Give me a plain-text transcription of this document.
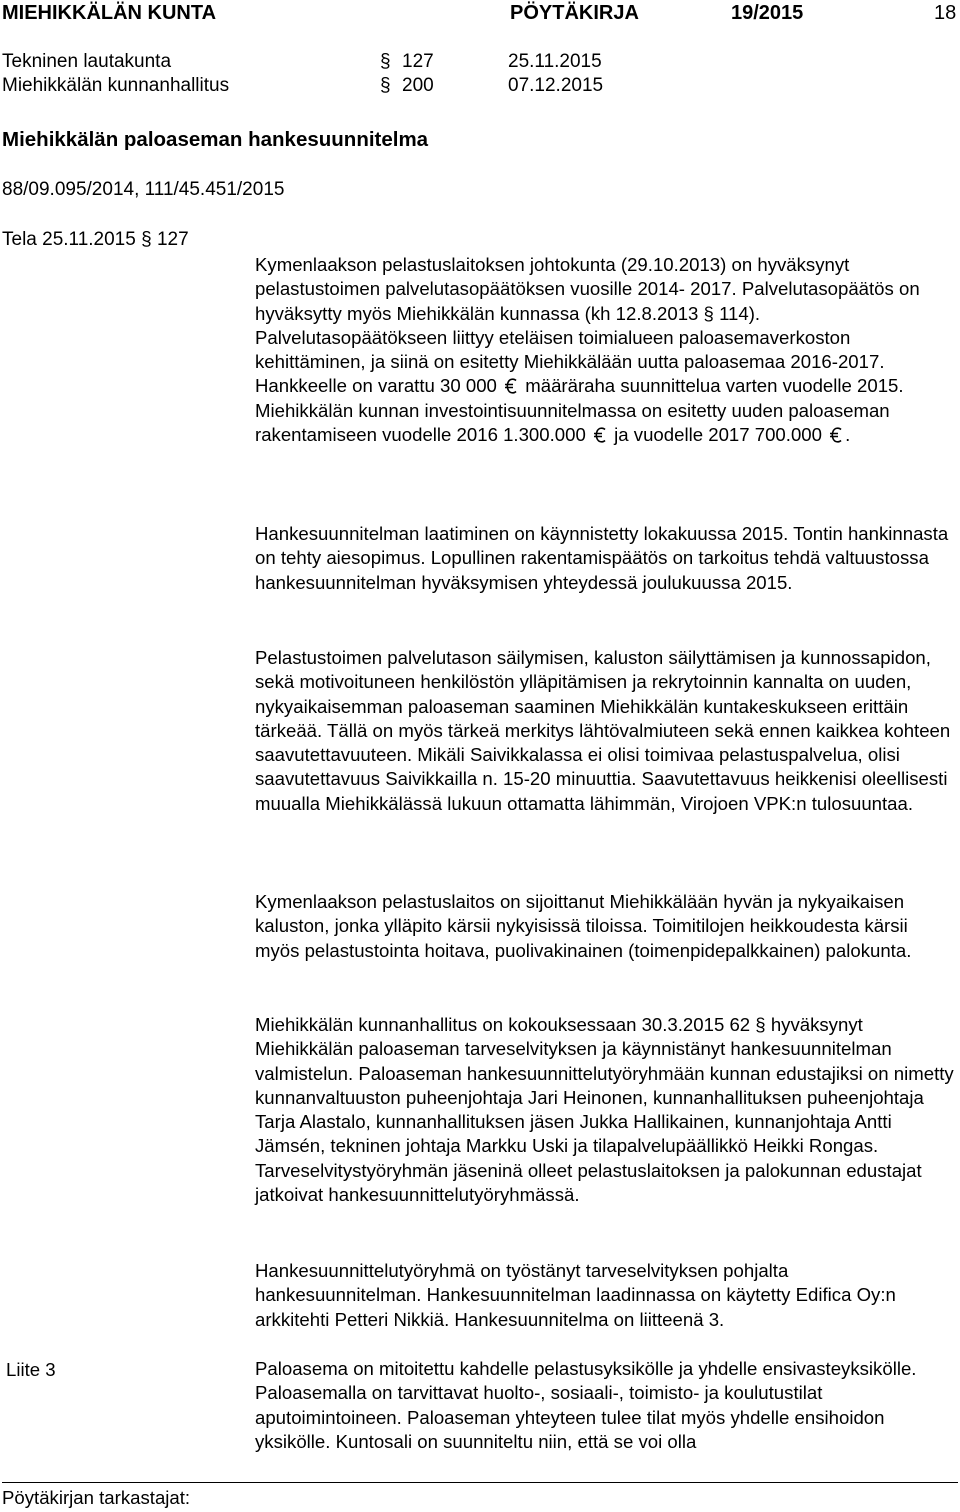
MIEHIKKÄLÄN KUNTA	PÖYTÄKIRJA	19/2015	18
Tekninen lautakunta	§ 127	25.11.2015
Miehikkälän kunnanhallitus	§ 200	07.12.2015
Miehikkälän paloaseman hankesuunnitelma
88/09.095/2014, 111/45.451/2015
Tela 25.11.2015 § 127

Kymenlaakson pelastuslaitoksen johtokunta (29.10.2013) on hyväksynyt pelastustoimen palvelutasopäätöksen vuosille 2014- 2017. Palvelutasopäätös on hyväksytty myös Miehikkälän kunnassa (kh 12.8.2013 § 114). Palvelutasopäätökseen liittyy eteläisen toimialueen paloasemaverkoston kehittäminen, ja siinä on esitetty Miehikkälään uutta paloasemaa 2016-2017.

Hankkeelle on varattu 30 000 määräraha suunnittelua varten vuodelle 2015. Miehikkälän kunnan investointisuunnitelmassa on esitetty uuden paloaseman rakentamiseen vuodelle 2016 1.300.000 ja vuodelle 2017 700.000 .

Hankesuunnitelman laatiminen on käynnistetty lokakuussa 2015. Tontin hankinnasta on tehty aiesopimus. Lopullinen rakentamispäätös on tarkoitus tehdä valtuustossa hankesuunnitelman hyväksymisen yhteydessä joulukuussa 2015.

Pelastustoimen palvelutason säilymisen, kaluston säilyttämisen ja kunnossapidon, sekä motivoituneen henkilöstön ylläpitämisen ja rekrytoinnin kannalta on uuden, nykyaikaisemman paloaseman saaminen Miehikkälän kuntakeskukseen erittäin tärkeää. Tällä on myös tärkeä merkitys lähtövalmiuteen sekä ennen kaikkea kohteen saavutettavuuteen. Mikäli Saivikkalassa ei olisi toimivaa pelastuspalvelua, olisi saavutettavuus Saivikkailla n. 15-20 minuuttia. Saavutettavuus heikkenisi oleellisesti muualla Miehikkälässä lukuun ottamatta lähimmän, Virojoen VPK:n tulosuuntaa.

Kymenlaakson pelastuslaitos on sijoittanut Miehikkälään hyvän ja nykyaikaisen kaluston, jonka ylläpito kärsii nykyisissä tiloissa. Toimitilojen heikkoudesta kärsii myös pelastustointa hoitava, puolivakinainen (toimenpidepalkkainen) palokunta.

Miehikkälän kunnanhallitus on kokouksessaan 30.3.2015 62 § hyväksynyt Miehikkälän paloaseman tarveselvityksen ja käynnistänyt hankesuunnitelman valmistelun. Paloaseman hankesuunnittelutyöryhmään kunnan edustajiksi on nimetty kunnanvaltuuston puheenjohtaja Jari Heinonen, kunnanhallituksen puheenjohtaja Tarja Alastalo, kunnanhallituksen jäsen Jukka Hallikainen, kunnanjohtaja Antti Jämsén, tekninen johtaja Markku Uski ja tilapalvelupäällikkö Heikki Rongas. Tarveselvitystyöryhmän jäseninä olleet pelastuslaitoksen ja palokunnan edustajat jatkoivat hankesuunnittelutyöryhmässä.

Hankesuunnittelutyöryhmä on työstänyt tarveselvityksen pohjalta hankesuunnitelman. Hankesuunnitelman laadinnassa on käytetty Edifica Oy:n arkkitehti Petteri Nikkiä. Hankesuunnitelma on liitteenä 3.

Liite 3	Paloasema on mitoitettu kahdelle pelastusyksikölle ja yhdelle ensivasteyksikölle. Paloasemalla on tarvittavat huolto-, sosiaali-, toimisto- ja koulutustilat aputoimintoineen. Paloaseman yhteyteen tulee tilat myös yhdelle ensihoidon yksikölle. Kuntosali on suunniteltu niin, että se voi olla

Pöytäkirjan tarkastajat:
